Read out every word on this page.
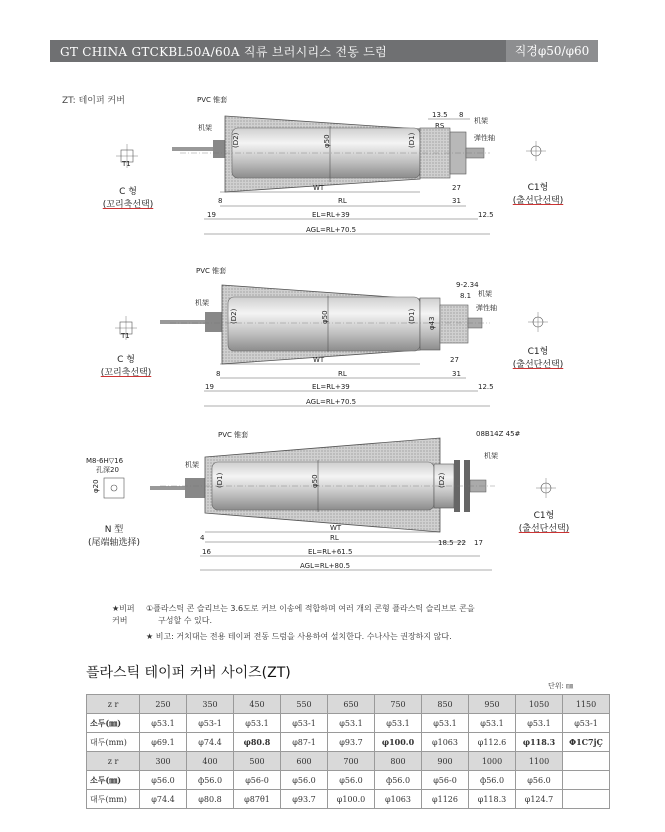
GT CHINA GTCKBL50A/60A 직류 브러시리스 전동 드럼	직경φ50/φ60
ZT: 테이퍼 커버	PVC 锥套
机架
机架
弹性轴
(D2)	φ50	(D1)
13.5 8
RS
WT
RL
27
8	31
19	12.5
EL=RL+39
AGL=RL+70.5
T1
PVC 锥套
机架
机架
弹性轴
(D2)	φ50	(D1) φ43
9-2.34
8.1
WT
RL
27
8	31
19	12.5
EL=RL+39
AGL=RL+70.5
T1
PVC 锥套
机架
机架
08B14Z 45#
(D1)	φ50	(D2)
WT
RL
4
18.5 22 17
16	EL=RL+61.5
AGL=RL+80.5
M8-6H▽16
孔深20
φ20
C 형
(꼬리축선택)
C1형
(출선단선택)
C 형
(꼬리축선택)
C1형
(출선단선택)
N 型
(尾端轴选择)
C1형
(출선단선택)
★비퍼
커버
①플라스틱 콘 슬리브는 3.6도로 커브 이송에 적합하며 여러 개의 콘형 플라스틱 슬리브로 콘을
구성할 수 있다.
★ 비고: 거치대는 전용 테이퍼 전동 드럼을 사용하여 설치한다. 수나사는 권장하지 않다.
플라스틱 테이퍼 커버 사이즈(ZT)
단위: ㎜
z r	250	350	450	550	650	750	850	950	1050	1150
소두(㎜)	φ53.1	φ53-1	φ53.1	φ53-1	φ53.1	φ53.1	φ53.1	φ53.1	φ53.1	φ53-1
대두(mm)	φ69.1	φ74.4	φ80.8	φ87-1	φ93.7	φ100.0	φ1063	φ112.6	φ118.3	Φ1C7jÇ
z r	300	400	500	600	700	800	900	1000	1100	
소두(㎜)	φ56.0	ф56.0	φ56-0	φ56.0	φ56.0	ф56.0	φ56-0	ф56.0	φ56.0	
대두(mm)	φ74.4	φ80.8	φ87θ1	φ93.7	φ100.0	φ1063	φ1126	φ118.3	φ124.7	
